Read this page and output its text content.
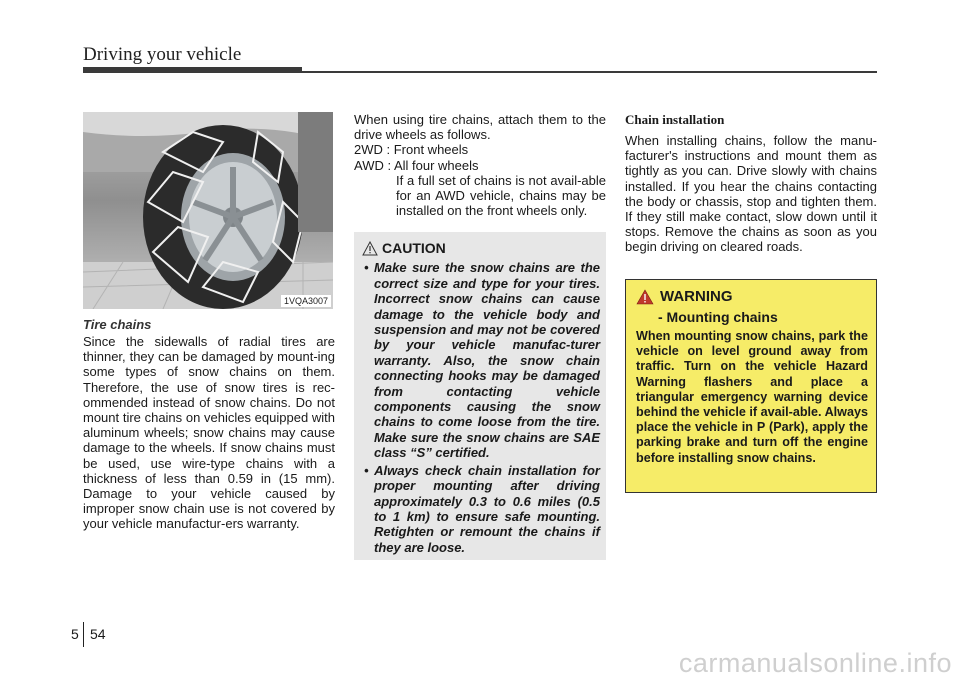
Driving your vehicle
1VQA3007
Tire chains

Since the sidewalls of radial tires are thinner, they can be damaged by mount-ing some types of snow chains on them. Therefore, the use of snow tires is rec-ommended instead of snow chains. Do not mount tire chains on vehicles equipped with aluminum wheels; snow chains may cause damage to the wheels. If snow chains must be used, use wire-type chains with a thickness of less than 0.59 in (15 mm). Damage to your vehicle caused by improper snow chain use is not covered by your vehicle manufactur-ers warranty.

When using tire chains, attach them to the drive wheels as follows.

2WD : Front wheels

AWD : All four wheels

If a full set of chains is not avail-able for an AWD vehicle, chains may be installed on the front wheels only.

CAUTION

• Make sure the snow chains are the correct size and type for your tires. Incorrect snow chains can cause damage to the vehicle body and suspension and may not be covered by your vehicle manufac-turer warranty. Also, the snow chain connecting hooks may be damaged from contacting vehicle components causing the snow chains to come loose from the tire. Make sure the snow chains are SAE class “S” certified.

• Always check chain installation for proper mounting after driving approximately 0.3 to 0.6 miles (0.5 to 1 km) to ensure safe mounting. Retighten or remount the chains if they are loose.

Chain installation

When installing chains, follow the manu-facturer's instructions and mount them as tightly as you can. Drive slowly with chains installed. If you hear the chains contacting the body or chassis, stop and tighten them. If they still make contact, slow down until it stops. Remove the chains as soon as you begin driving on cleared roads.

WARNING
- Mounting chains

When mounting snow chains, park the vehicle on level ground away from traffic. Turn on the vehicle Hazard Warning flashers and place a triangular emergency warning device behind the vehicle if avail-able. Always place the vehicle in P (Park), apply the parking brake and turn off the engine before installing snow chains.

5 54
carmanualsonline.info
